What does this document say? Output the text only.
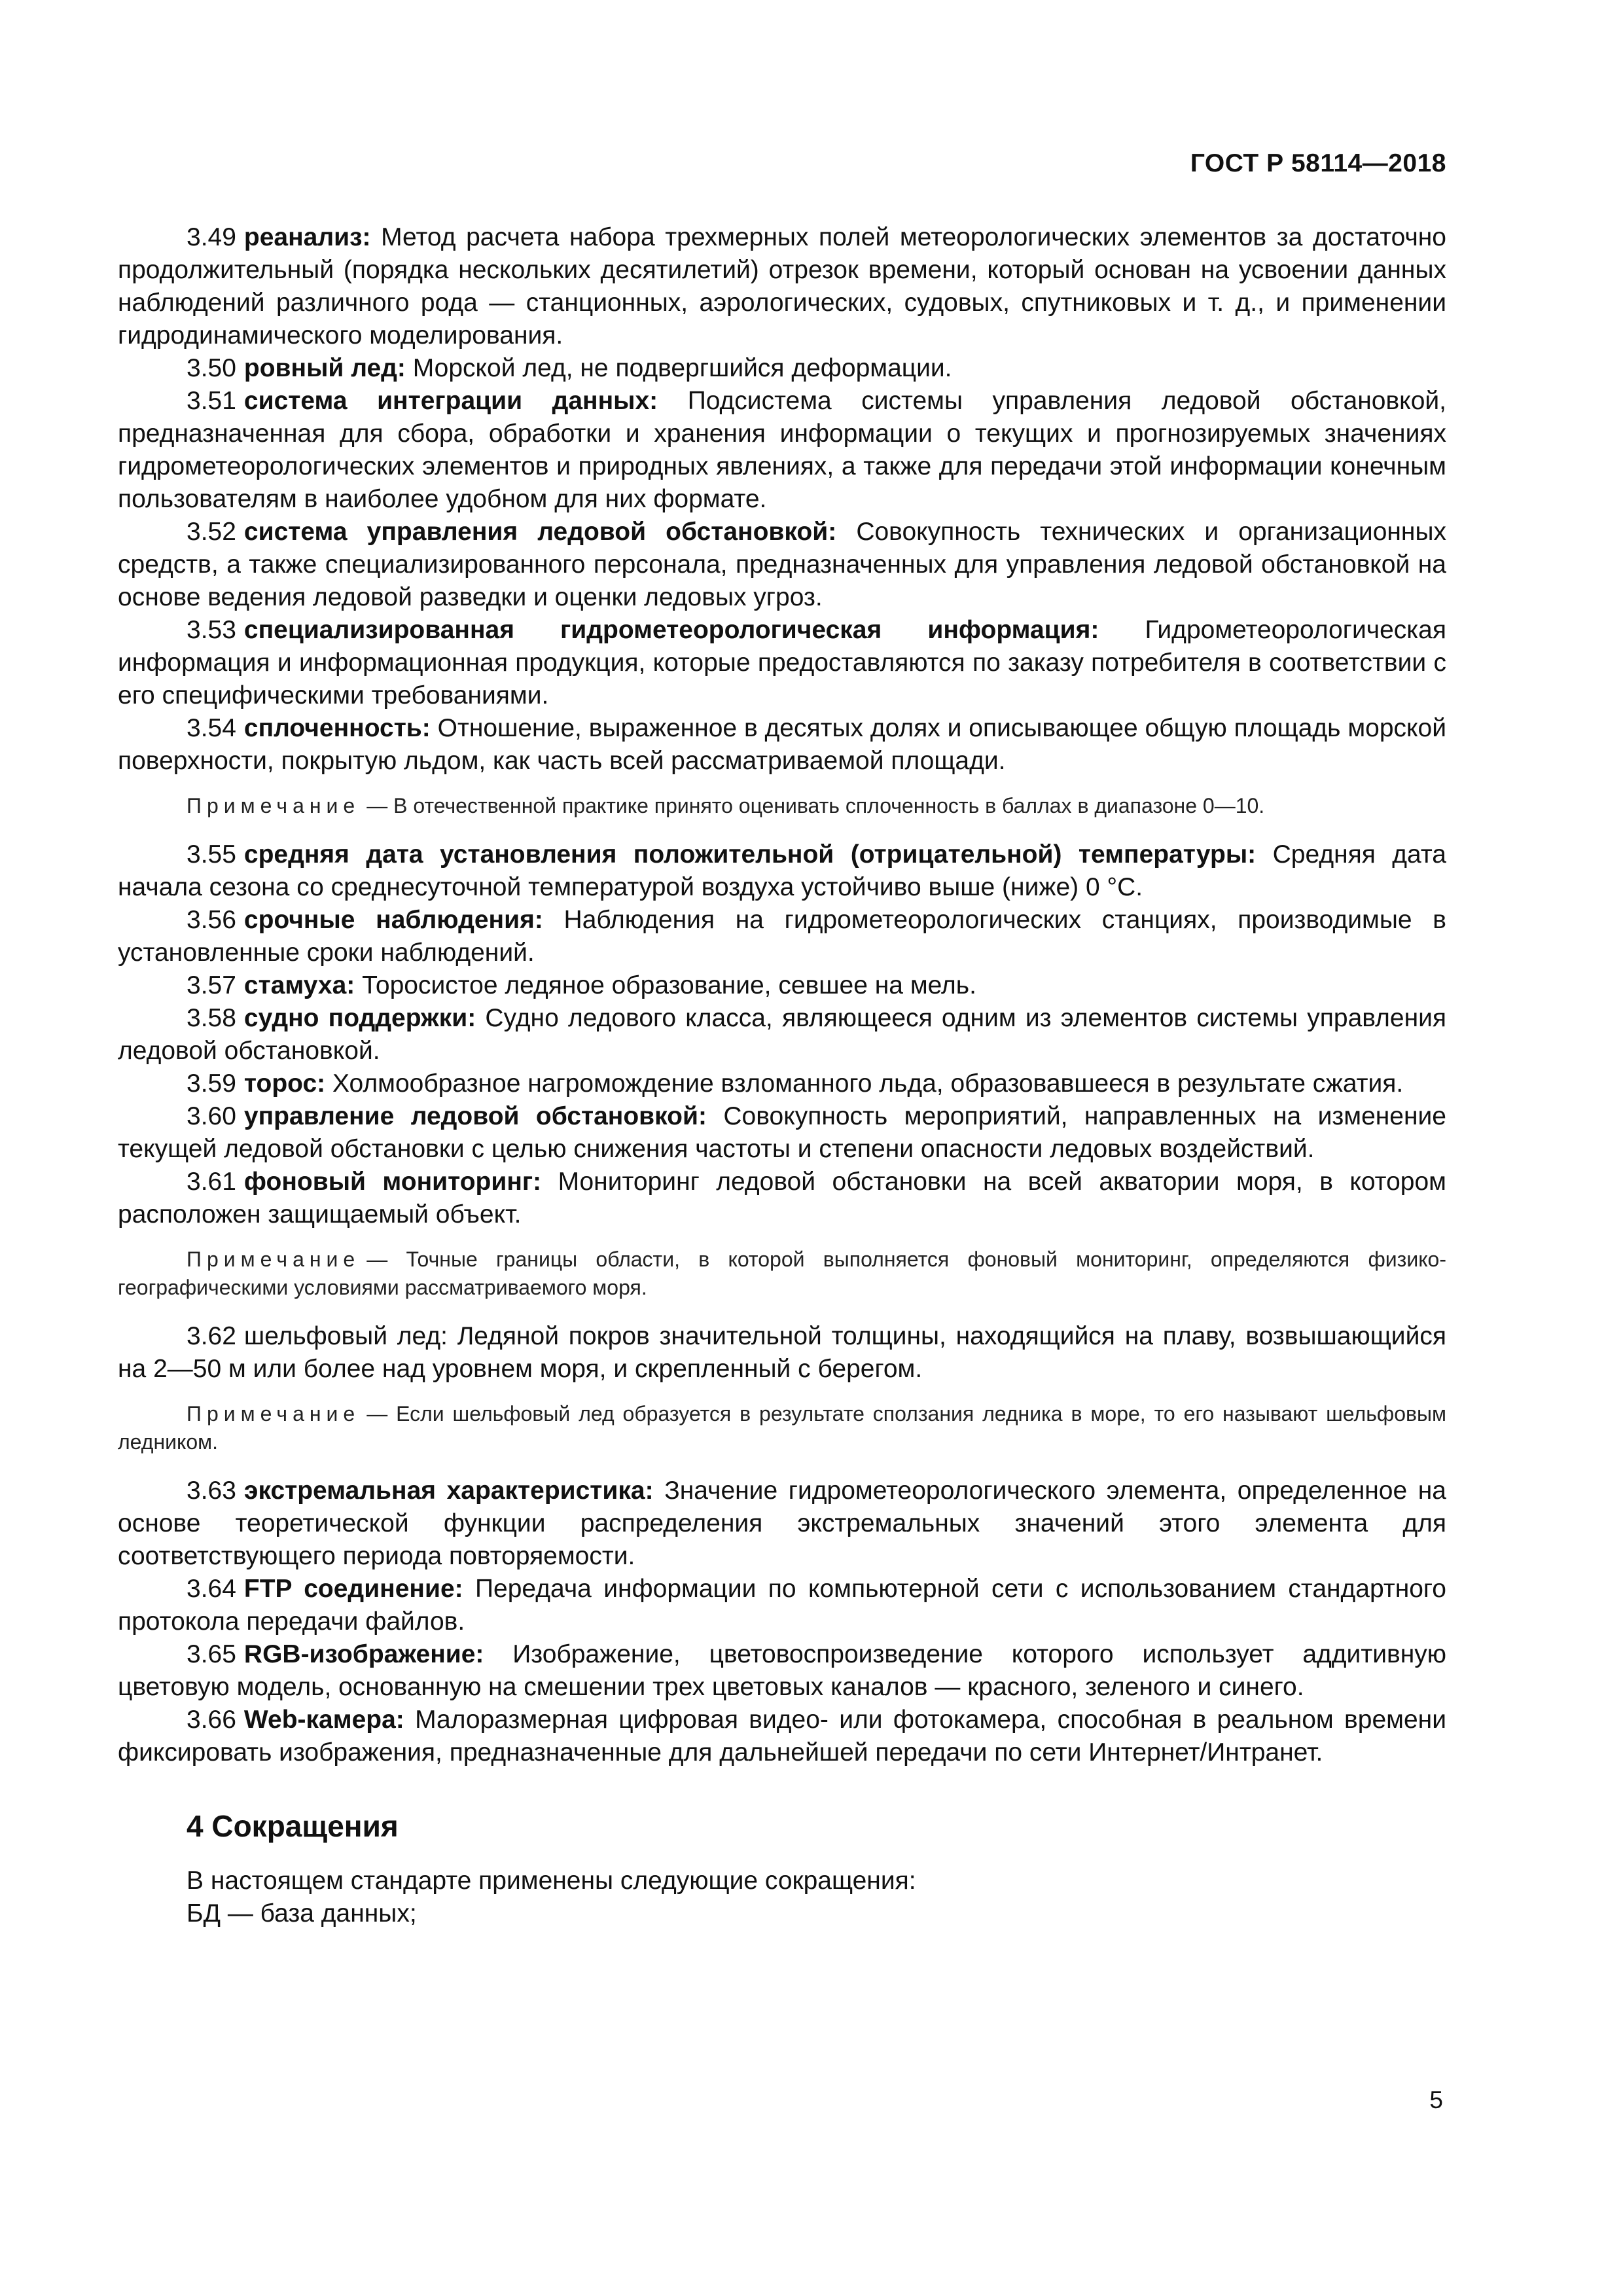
ГОСТ Р 58114—2018

3.49 реанализ: Метод расчета набора трехмерных полей метеорологических элементов за достаточно продолжительный (порядка нескольких десятилетий) отрезок времени, который основан на усвоении данных наблюдений различного рода — станционных, аэрологических, судовых, спутниковых и т. д., и применении гидродинамического моделирования.

3.50 ровный лед: Морской лед, не подвергшийся деформации.

3.51 система интеграции данных: Подсистема системы управления ледовой обстановкой, предназначенная для сбора, обработки и хранения информации о текущих и прогнозируемых значениях гидрометеорологических элементов и природных явлениях, а также для передачи этой информации конечным пользователям в наиболее удобном для них формате.

3.52 система управления ледовой обстановкой: Совокупность технических и организационных средств, а также специализированного персонала, предназначенных для управления ледовой обстановкой на основе ведения ледовой разведки и оценки ледовых угроз.

3.53 специализированная гидрометеорологическая информация: Гидрометеорологическая информация и информационная продукция, которые предоставляются по заказу потребителя в соответствии с его специфическими требованиями.

3.54 сплоченность: Отношение, выраженное в десятых долях и описывающее общую площадь морской поверхности, покрытую льдом, как часть всей рассматриваемой площади.

Примечание — В отечественной практике принято оценивать сплоченность в баллах в диапазоне 0—10.

3.55 средняя дата установления положительной (отрицательной) температуры: Средняя дата начала сезона со среднесуточной температурой воздуха устойчиво выше (ниже) 0 °C.

3.56 срочные наблюдения: Наблюдения на гидрометеорологических станциях, производимые в установленные сроки наблюдений.

3.57 стамуха: Торосистое ледяное образование, севшее на мель.

3.58 судно поддержки: Судно ледового класса, являющееся одним из элементов системы управления ледовой обстановкой.

3.59 торос: Холмообразное нагромождение взломанного льда, образовавшееся в результате сжатия.

3.60 управление ледовой обстановкой: Совокупность мероприятий, направленных на изменение текущей ледовой обстановки с целью снижения частоты и степени опасности ледовых воздействий.

3.61 фоновый мониторинг: Мониторинг ледовой обстановки на всей акватории моря, в котором расположен защищаемый объект.

Примечание — Точные границы области, в которой выполняется фоновый мониторинг, определяются физико-географическими условиями рассматриваемого моря.

3.62 шельфовый лед: Ледяной покров значительной толщины, находящийся на плаву, возвышающийся на 2—50 м или более над уровнем моря, и скрепленный с берегом.

Примечание — Если шельфовый лед образуется в результате сползания ледника в море, то его называют шельфовым ледником.

3.63 экстремальная характеристика: Значение гидрометеорологического элемента, определенное на основе теоретической функции распределения экстремальных значений этого элемента для соответствующего периода повторяемости.

3.64 FTP соединение: Передача информации по компьютерной сети с использованием стандартного протокола передачи файлов.

3.65 RGB-изображение: Изображение, цветовоспроизведение которого использует аддитивную цветовую модель, основанную на смешении трех цветовых каналов — красного, зеленого и синего.

3.66 Web-камера: Малоразмерная цифровая видео- или фотокамера, способная в реальном времени фиксировать изображения, предназначенные для дальнейшей передачи по сети Интернет/Интранет.

4 Сокращения

В настоящем стандарте применены следующие сокращения:

БД — база данных;

5
